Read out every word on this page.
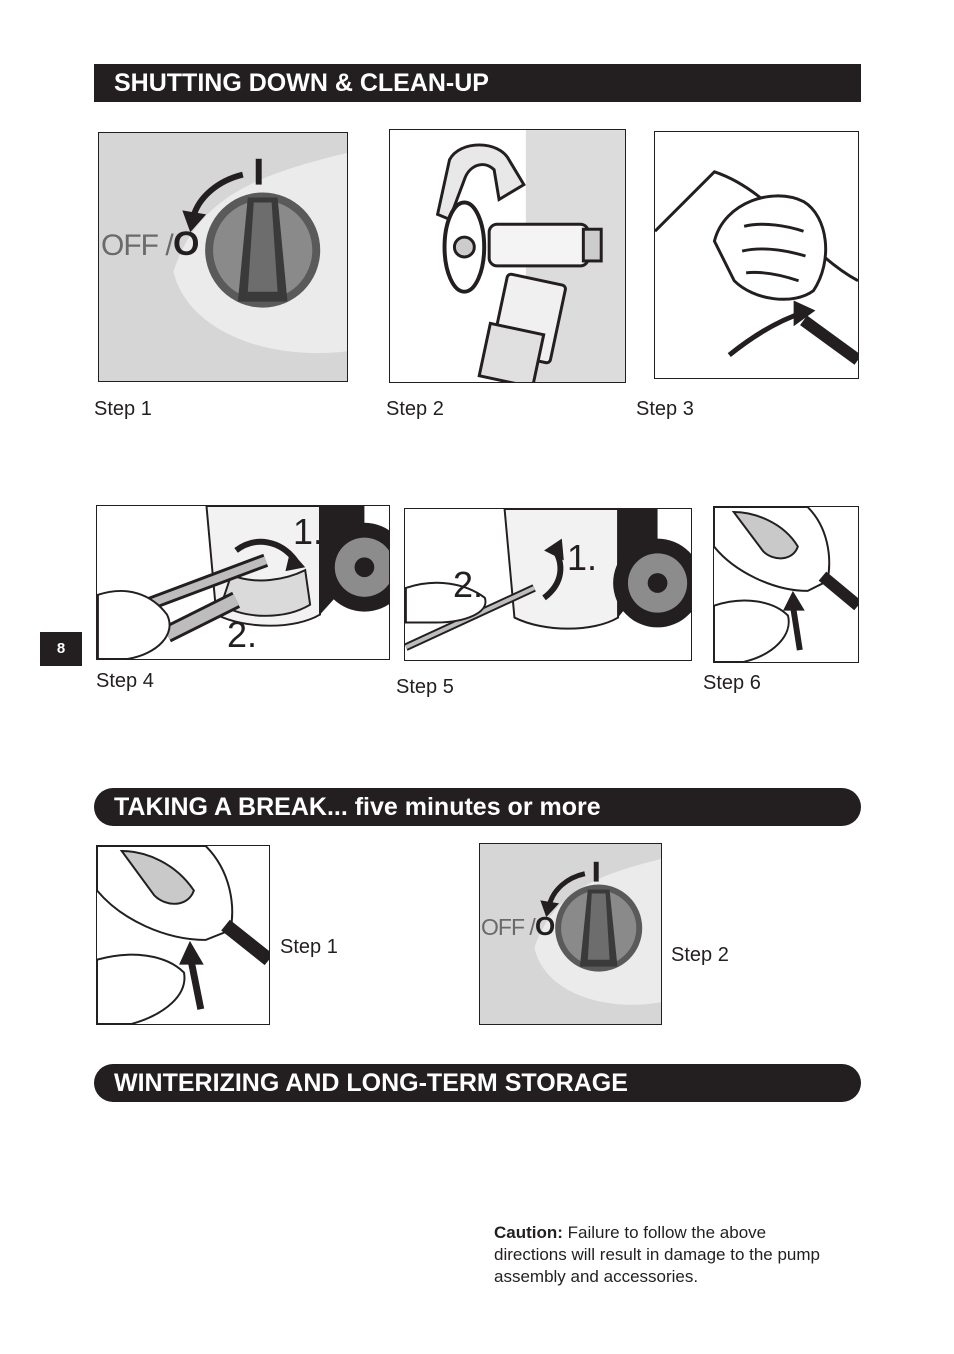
SHUTTING DOWN & CLEAN-UP
OFF / O
Step 1	Step 2	Step 3
1.
2.
1.
2.
8
Step 4	Step 5	Step 6
TAKING A BREAK... five minutes or more
Step 1
OFF / O
Step 2
WINTERIZING AND LONG-TERM STORAGE
Caution: Failure to follow the above directions will result in damage to the pump assembly and accessories.
